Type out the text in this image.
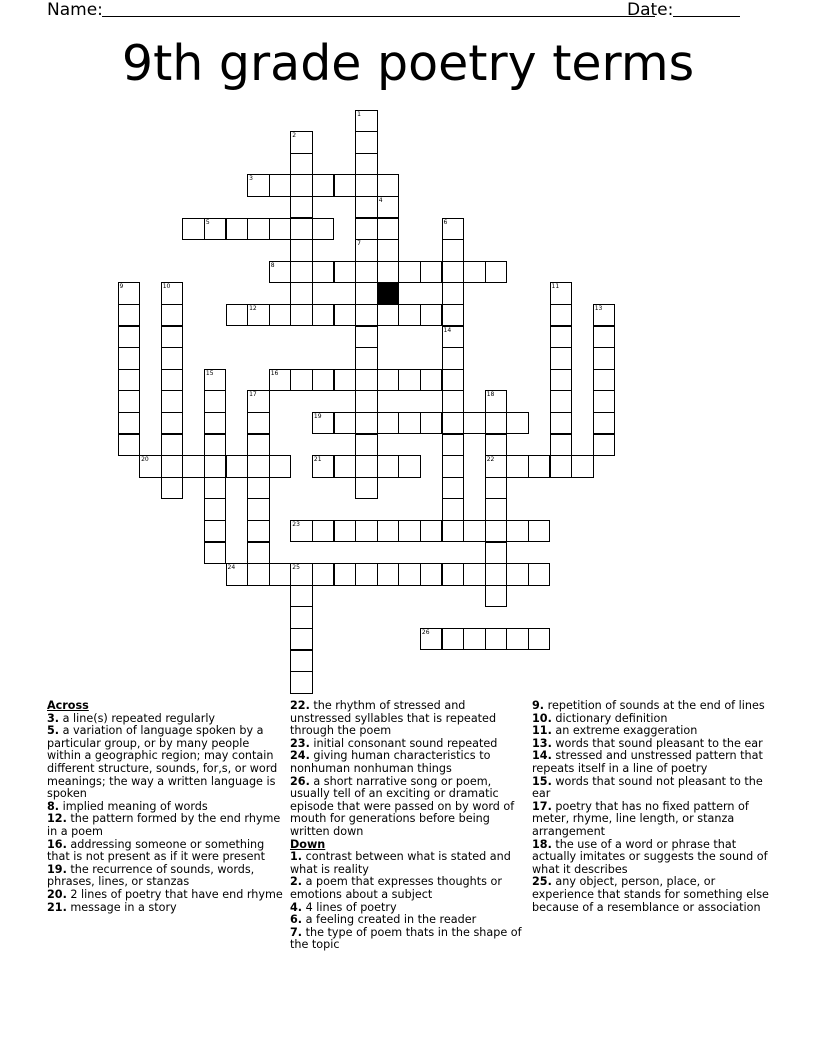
Name:	Date:
9th grade poetry terms
1
2
3
4
5	6
7
8
9	10	11
12	13
14
15	16
17	18
22
19
20	21
23
24	25
26
Across
3. a line(s) repeated regularly
5. a variation of language spoken by a particular group, or by many people within a geographic region; may contain different structure, sounds, for,s, or word meanings; the way a written language is spoken
8. implied meaning of words
12. the pattern formed by the end rhyme in a poem
16. addressing someone or something that is not present as if it were present
19. the recurrence of sounds, words, phrases, lines, or stanzas
20. 2 lines of poetry that have end rhyme
21. message in a story
22. the rhythm of stressed and unstressed syllables that is repeated through the poem
23. initial consonant sound repeated
24. giving human characteristics to nonhuman nonhuman things
26. a short narrative song or poem, usually tell of an exciting or dramatic episode that were passed on by word of mouth for generations before being written down
Down
1. contrast between what is stated and what is reality
2. a poem that expresses thoughts or emotions about a subject
4. 4 lines of poetry
6. a feeling created in the reader
7. the type of poem thats in the shape of the topic
9. repetition of sounds at the end of lines
10. dictionary definition
11. an extreme exaggeration
13. words that sound pleasant to the ear
14. stressed and unstressed pattern that repeats itself in a line of poetry
15. words that sound not pleasant to the ear
17. poetry that has no fixed pattern of meter, rhyme, line length, or stanza arrangement
18. the use of a word or phrase that actually imitates or suggests the sound of what it describes
25. any object, person, place, or experience that stands for something else because of a resemblance or association
